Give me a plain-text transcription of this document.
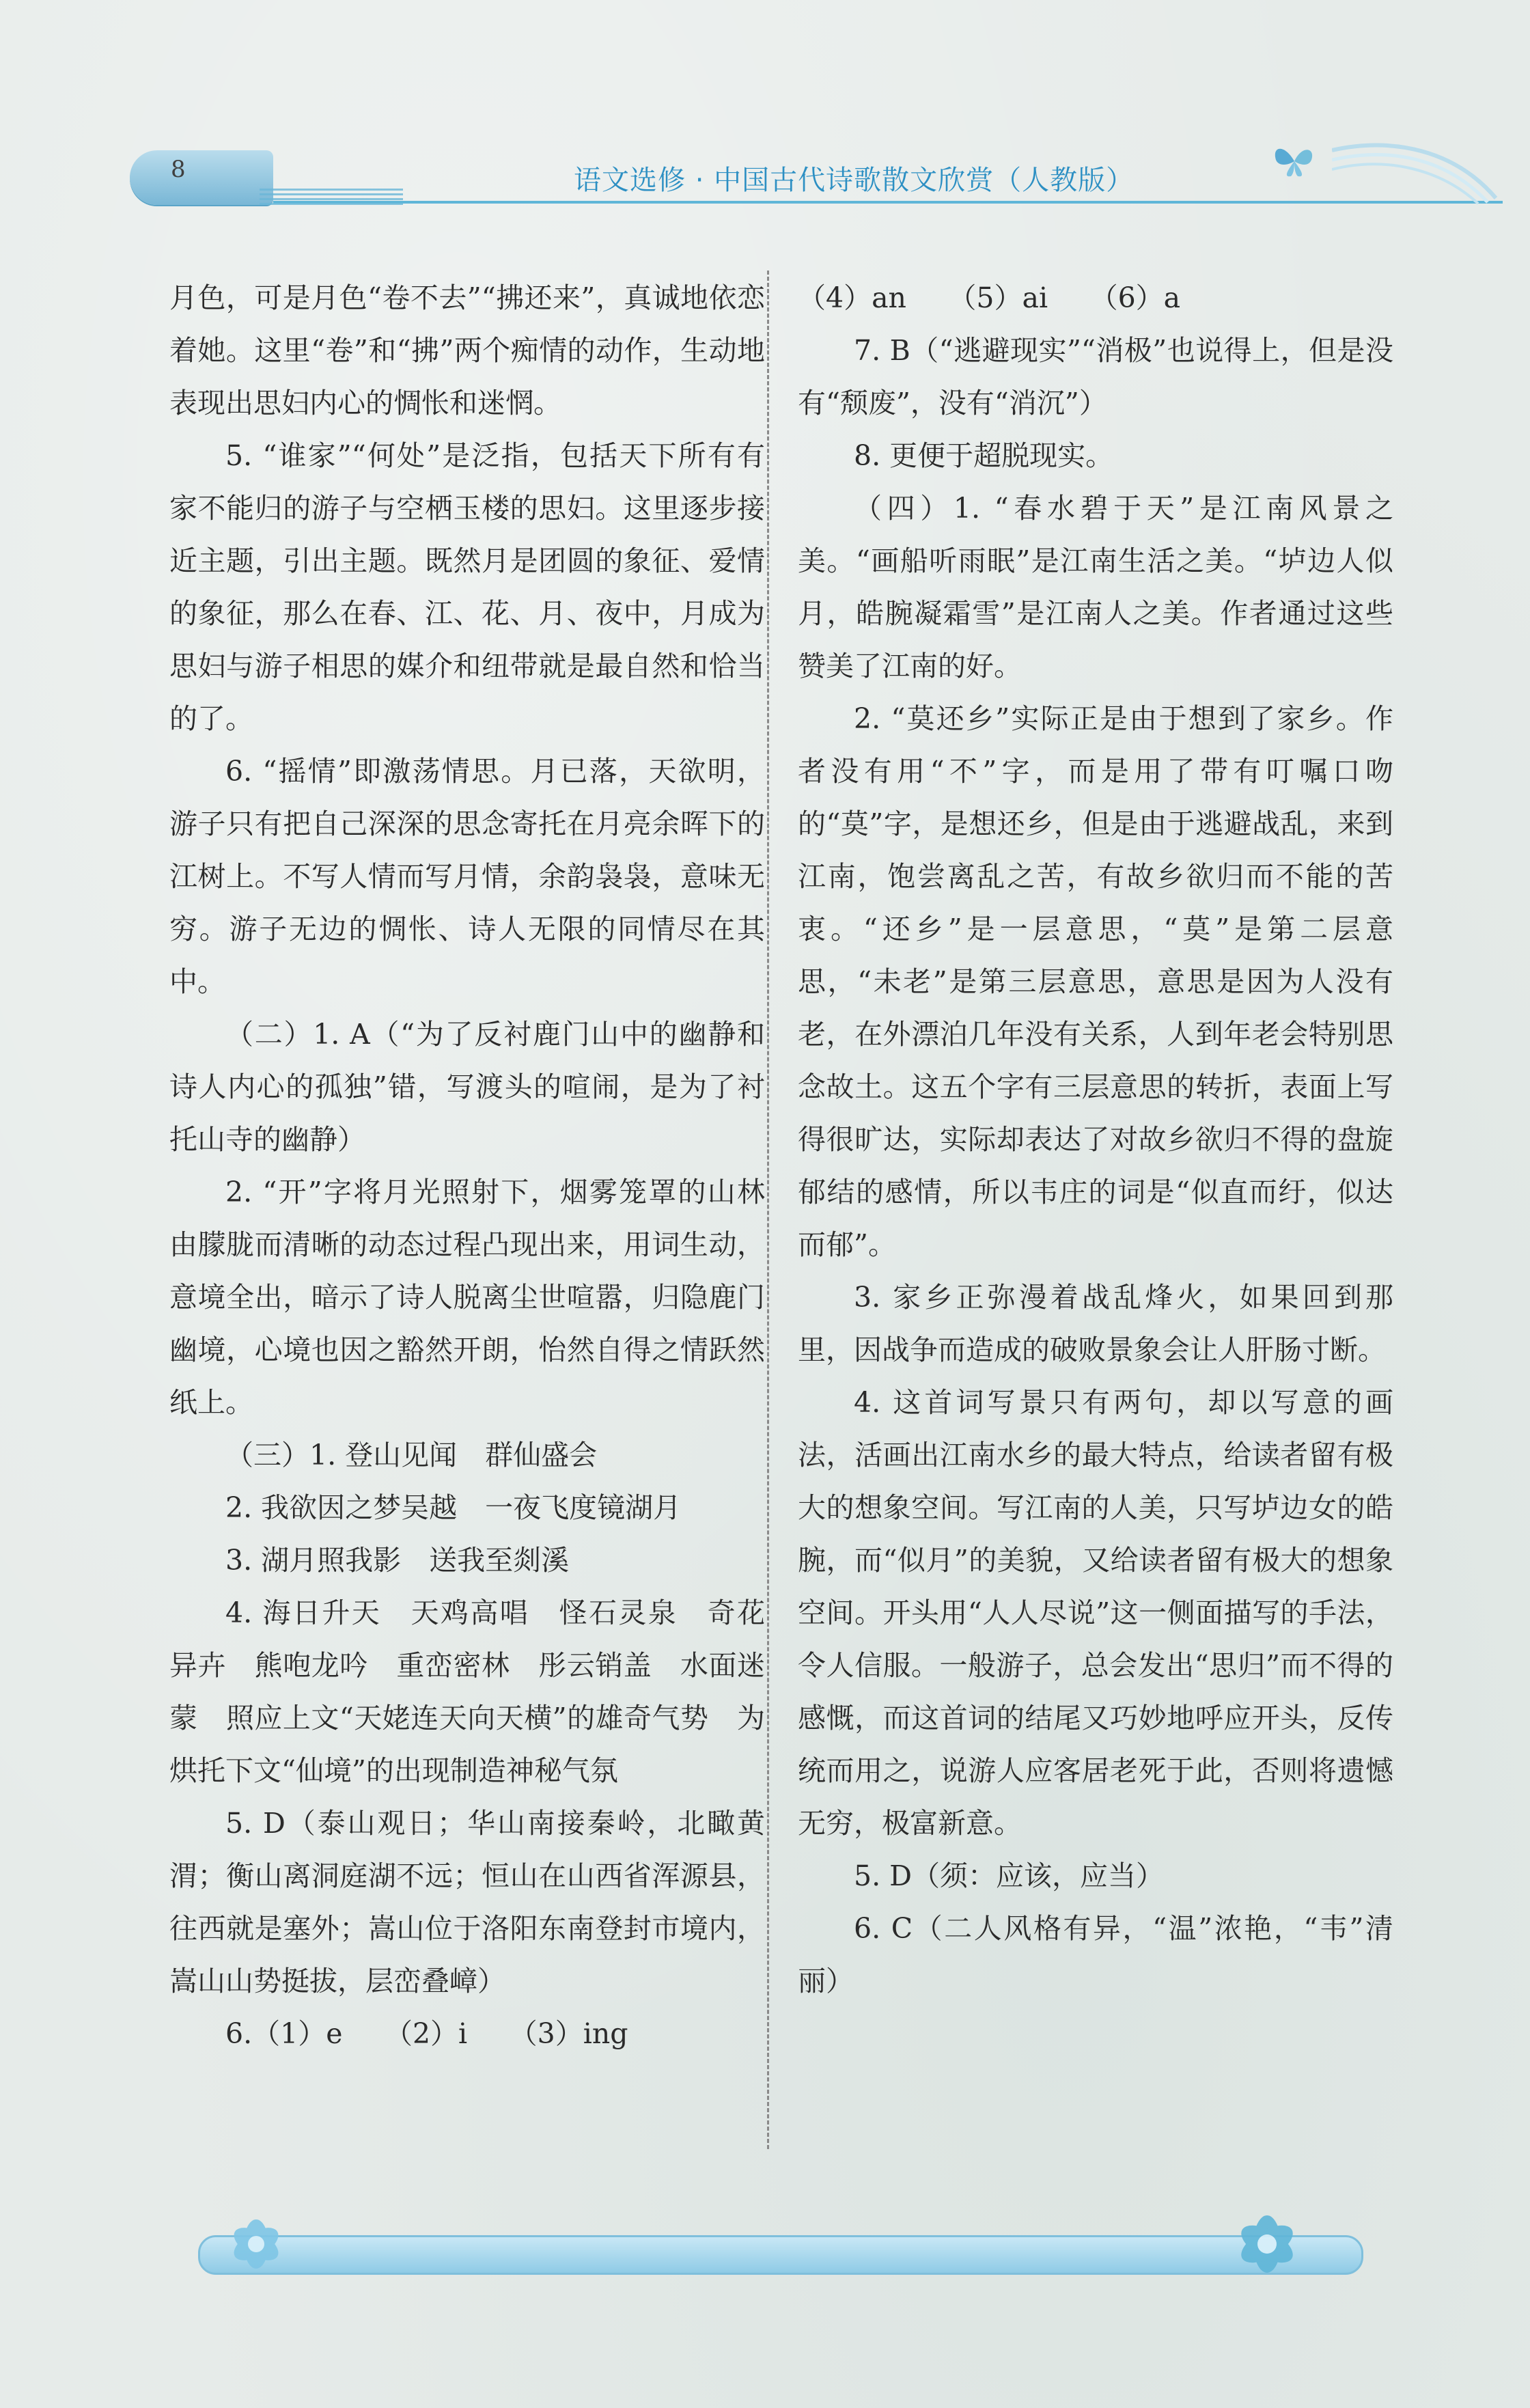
8	语文选修 · 中国古代诗歌散文欣赏（人教版）

月色，可是月色“卷不去”“拂还来”，真诚地依恋着她。这里“卷”和“拂”两个痴情的动作，生动地表现出思妇内心的惆怅和迷惘。

5. “谁家”“何处”是泛指，包括天下所有有家不能归的游子与空栖玉楼的思妇。这里逐步接近主题，引出主题。既然月是团圆的象征、爱情的象征，那么在春、江、花、月、夜中，月成为思妇与游子相思的媒介和纽带就是最自然和恰当的了。

6. “摇情”即激荡情思。月已落，天欲明，游子只有把自己深深的思念寄托在月亮余晖下的江树上。不写人情而写月情，余韵袅袅，意味无穷。游子无边的惆怅、诗人无限的同情尽在其中。

（二）1. A（“为了反衬鹿门山中的幽静和诗人内心的孤独”错，写渡头的喧闹，是为了衬托山寺的幽静）

2. “开”字将月光照射下，烟雾笼罩的山林由朦胧而清晰的动态过程凸现出来，用词生动，意境全出，暗示了诗人脱离尘世喧嚣，归隐鹿门幽境，心境也因之豁然开朗，怡然自得之情跃然纸上。

（三）1. 登山见闻　群仙盛会

2. 我欲因之梦吴越　一夜飞度镜湖月

3. 湖月照我影　送我至剡溪

4. 海日升天　天鸡高唱　怪石灵泉　奇花异卉　熊咆龙吟　重峦密林　彤云销盖　水面迷蒙　照应上文“天姥连天向天横”的雄奇气势　为烘托下文“仙境”的出现制造神秘气氛

5. D（泰山观日；华山南接秦岭，北瞰黄渭；衡山离洞庭湖不远；恒山在山西省浑源县，往西就是塞外；嵩山位于洛阳东南登封市境内，嵩山山势挺拔，层峦叠嶂）

6.（1）e　　（2）i　　（3）ing

（4）an　　（5）ai　　（6）a

7. B（“逃避现实”“消极”也说得上，但是没有“颓废”，没有“消沉”）

8. 更便于超脱现实。

（四）1. “春水碧于天”是江南风景之美。“画船听雨眠”是江南生活之美。“垆边人似月，皓腕凝霜雪”是江南人之美。作者通过这些赞美了江南的好。

2. “莫还乡”实际正是由于想到了家乡。作者没有用“不”字，而是用了带有叮嘱口吻的“莫”字，是想还乡，但是由于逃避战乱，来到江南，饱尝离乱之苦，有故乡欲归而不能的苦衷。“还乡”是一层意思，“莫”是第二层意思，“未老”是第三层意思，意思是因为人没有老，在外漂泊几年没有关系，人到年老会特别思念故土。这五个字有三层意思的转折，表面上写得很旷达，实际却表达了对故乡欲归不得的盘旋郁结的感情，所以韦庄的词是“似直而纡，似达而郁”。

3. 家乡正弥漫着战乱烽火，如果回到那里，因战争而造成的破败景象会让人肝肠寸断。

4. 这首词写景只有两句，却以写意的画法，活画出江南水乡的最大特点，给读者留有极大的想象空间。写江南的人美，只写垆边女的皓腕，而“似月”的美貌，又给读者留有极大的想象空间。开头用“人人尽说”这一侧面描写的手法，令人信服。一般游子，总会发出“思归”而不得的感慨，而这首词的结尾又巧妙地呼应开头，反传统而用之，说游人应客居老死于此，否则将遗憾无穷，极富新意。

5. D（须：应该，应当）

6. C（二人风格有异，“温”浓艳，“韦”清丽）
